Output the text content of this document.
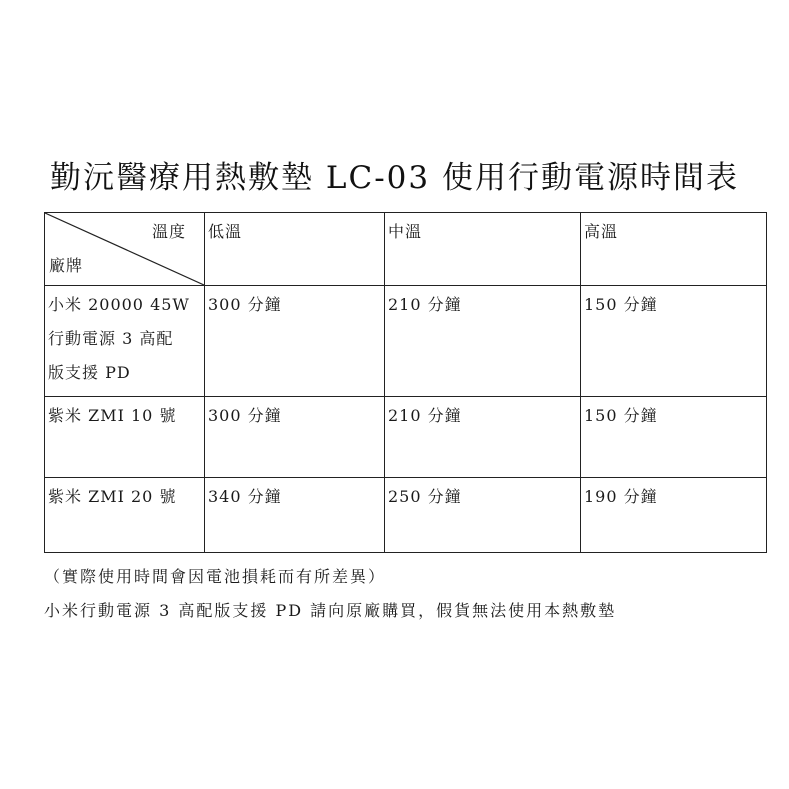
勤沅醫療用熱敷墊 LC-03 使用行動電源時間表
溫度
廠牌	低溫	中溫	高溫
小米 20000 45W
行動電源 3 高配
版支援 PD	300 分鐘	210 分鐘	150 分鐘
紫米 ZMI 10 號	300 分鐘	210 分鐘	150 分鐘
紫米 ZMI 20 號	340 分鐘	250 分鐘	190 分鐘
（實際使用時間會因電池損耗而有所差異）
小米行動電源 3 高配版支援 PD 請向原廠購買，假貨無法使用本熱敷墊
